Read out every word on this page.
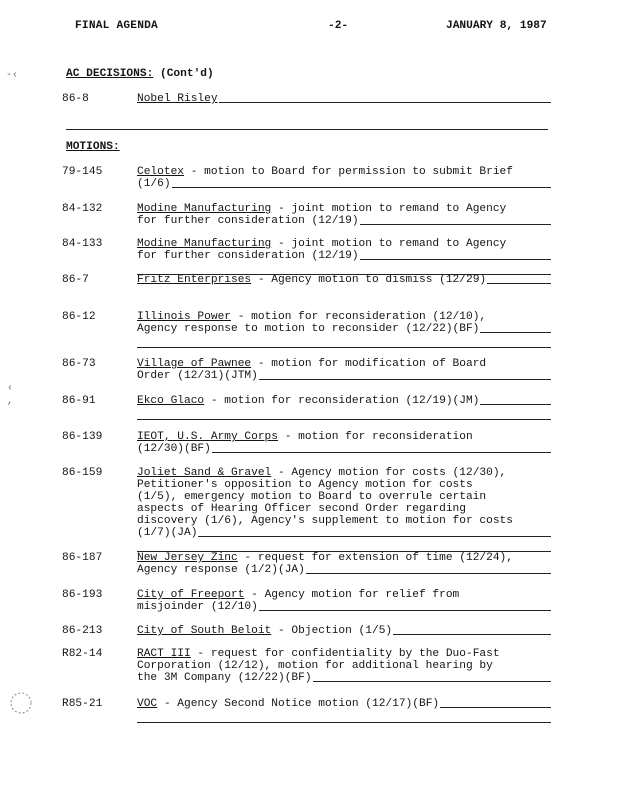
FINAL AGENDA	-2-	JANUARY 8, 1987
AC DECISIONS: (Cont'd)
86-8	Nobel Risley
MOTIONS:
79-145	Celotex - motion to Board for permission to submit Brief
(1/6)
84-132	Modine Manufacturing - joint motion to remand to Agency
for further consideration (12/19)
84-133	Modine Manufacturing - joint motion to remand to Agency
for further consideration (12/19)
86-7	Fritz Enterprises - Agency motion to dismiss (12/29)
86-12	Illinois Power - motion for reconsideration (12/10),
Agency response to motion to reconsider (12/22)(BF)
86-73	Village of Pawnee - motion for modification of Board
Order (12/31)(JTM)
86-91	Ekco Glaco - motion for reconsideration (12/19)(JM)
86-139	IEOT, U.S. Army Corps - motion for reconsideration
(12/30)(BF)
86-159	Joliet Sand & Gravel - Agency motion for costs (12/30),
Petitioner's opposition to Agency motion for costs
(1/5), emergency motion to Board to overrule certain
aspects of Hearing Officer second Order regarding
discovery (1/6), Agency's supplement to motion for costs
(1/7)(JA)
86-187	New Jersey Zinc - request for extension of time (12/24),
Agency response (1/2)(JA)
86-193	City of Freeport - Agency motion for relief from
misjoinder (12/10)
86-213	City of South Beloit - Objection (1/5)
R82-14	RACT III - request for confidentiality by the Duo-Fast
Corporation (12/12), motion for additional hearing by
the 3M Company (12/22)(BF)
R85-21	VOC - Agency Second Notice motion (12/17)(BF)
-‹
‹
,
